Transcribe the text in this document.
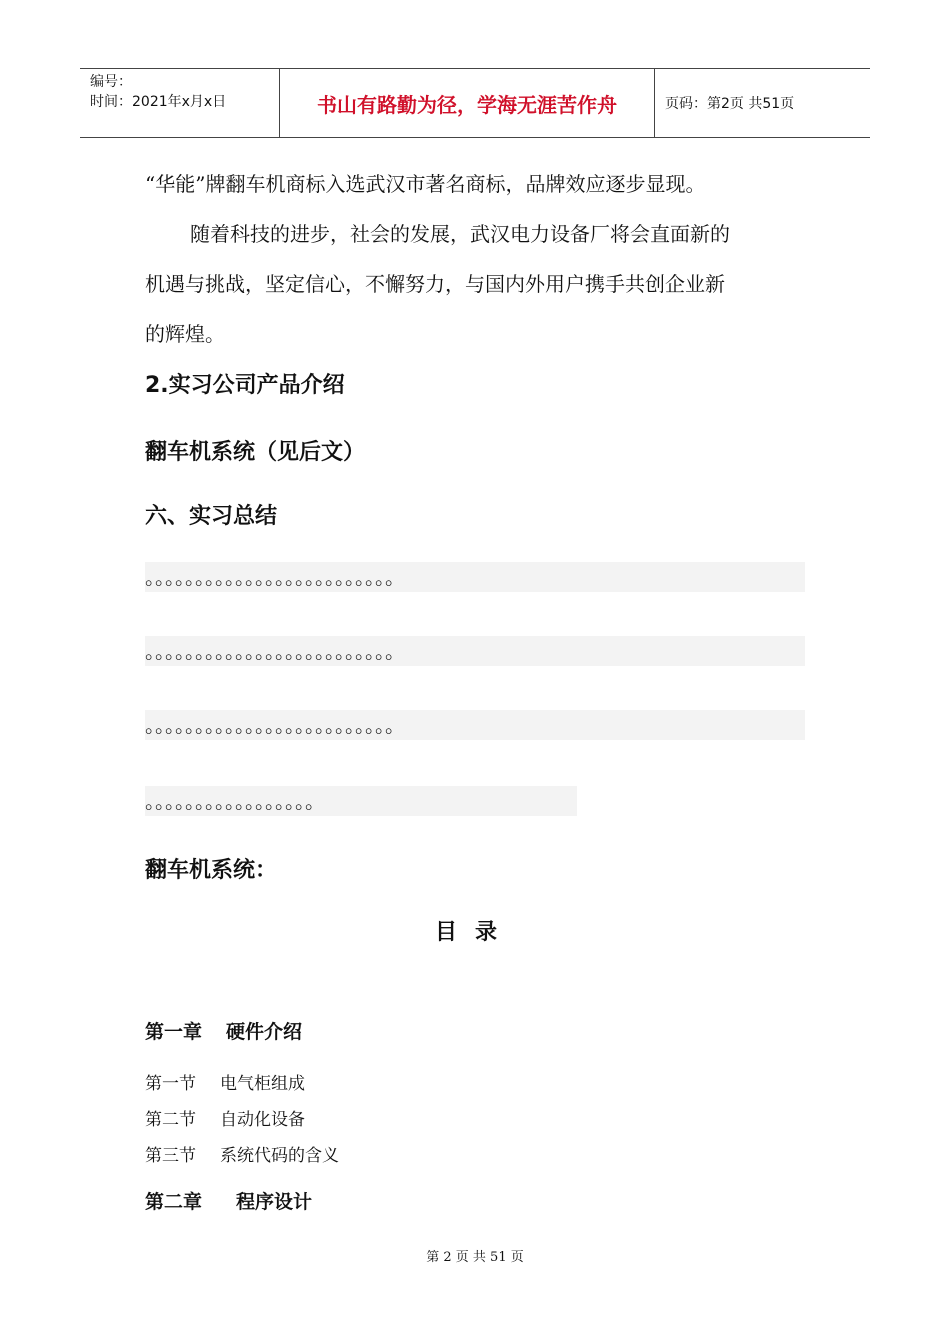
编号：
时间：2021年x月x日	书山有路勤为径，学海无涯苦作舟	页码：第2页 共51页
“华能”牌翻车机商标入选武汉市著名商标，品牌效应逐步显现。
随着科技的进步，社会的发展，武汉电力设备厂将会直面新的
机遇与挑战，坚定信心，不懈努力，与国内外用户携手共创企业新
的辉煌。
2.实习公司产品介绍
翻车机系统（见后文）
六、实习总结
。。。。。。。。。。。。。。。。。。。。。。。。。
。。。。。。。。。。。。。。。。。。。。。。。。。
。。。。。。。。。。。。。。。。。。。。。。。。。
。。。。。。。。。。。。。。。。。
翻车机系统：
目录
第一章 硬件介绍
第一节 电气柜组成
第二节 自动化设备
第三节 系统代码的含义
第二章 程序设计
第 2 页 共 51 页
